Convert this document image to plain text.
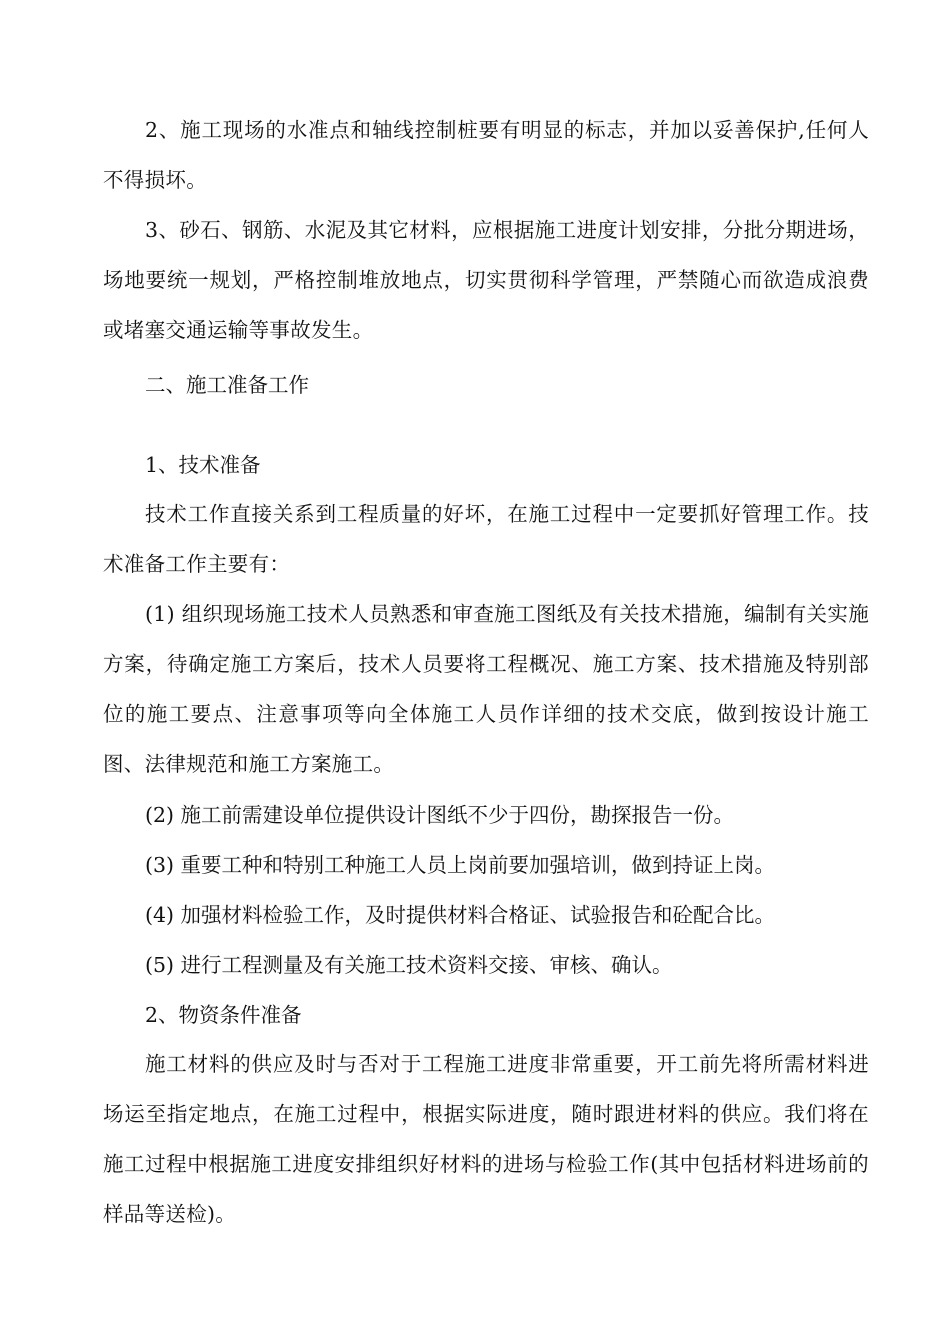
2、施工现场的水准点和轴线控制桩要有明显的标志，并加以妥善保护,任何人不得损坏。
3、砂石、钢筋、水泥及其它材料，应根据施工进度计划安排，分批分期进场，场地要统一规划，严格控制堆放地点，切实贯彻科学管理，严禁随心而欲造成浪费或堵塞交通运输等事故发生。
二、施工准备工作
1、技术准备
技术工作直接关系到工程质量的好坏，在施工过程中一定要抓好管理工作。技术准备工作主要有：
(1) 组织现场施工技术人员熟悉和审查施工图纸及有关技术措施，编制有关实施方案，待确定施工方案后，技术人员要将工程概况、施工方案、技术措施及特别部位的施工要点、注意事项等向全体施工人员作详细的技术交底，做到按设计施工图、法律规范和施工方案施工。
(2) 施工前需建设单位提供设计图纸不少于四份，勘探报告一份。
(3) 重要工种和特别工种施工人员上岗前要加强培训，做到持证上岗。
(4) 加强材料检验工作，及时提供材料合格证、试验报告和砼配合比。
(5) 进行工程测量及有关施工技术资料交接、审核、确认。
2、物资条件准备
施工材料的供应及时与否对于工程施工进度非常重要，开工前先将所需材料进场运至指定地点，在施工过程中，根据实际进度，随时跟进材料的供应。我们将在施工过程中根据施工进度安排组织好材料的进场与检验工作(其中包括材料进场前的样品等送检)。
